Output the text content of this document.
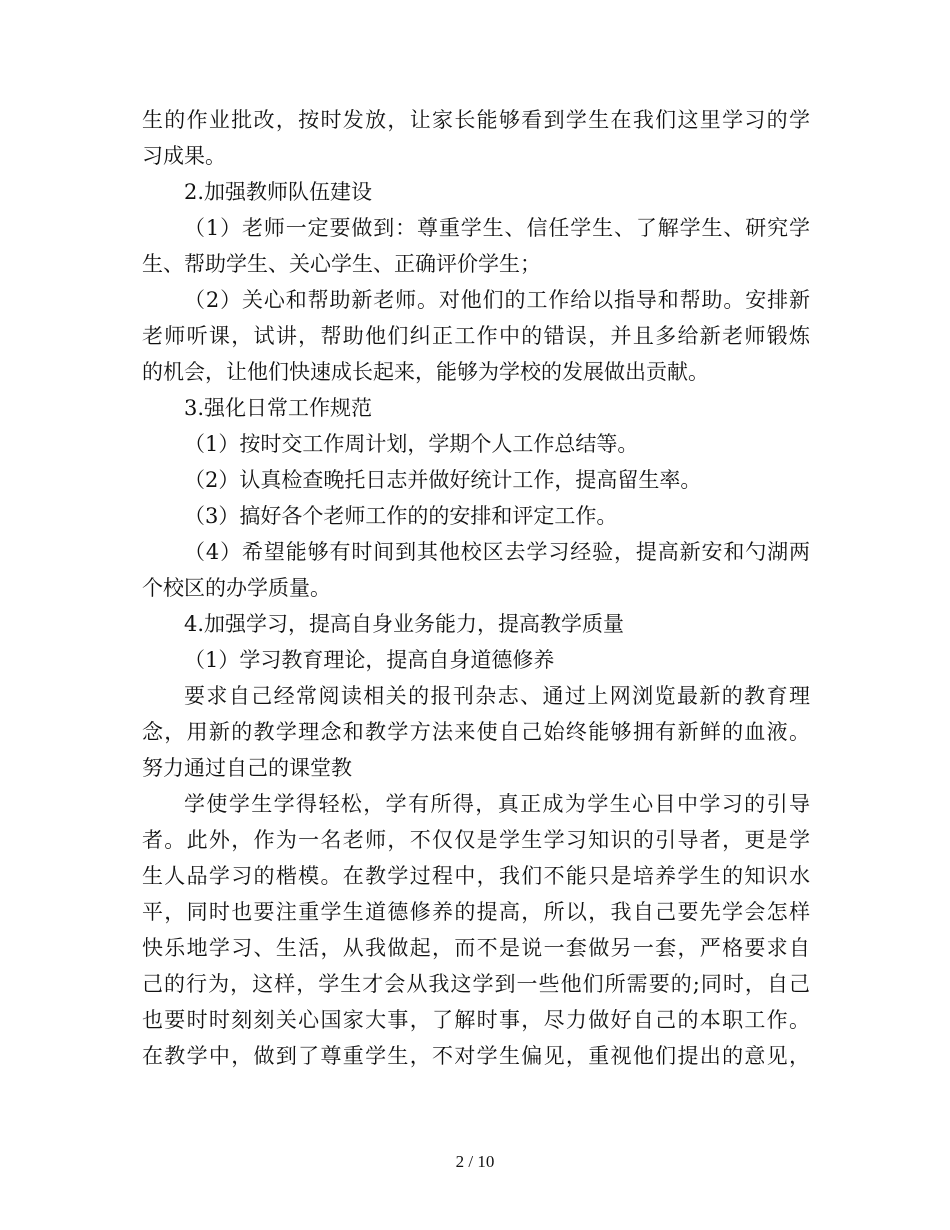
生的作业批改，按时发放，让家长能够看到学生在我们这里学习的学
习成果。
2.加强教师队伍建设
（1）老师一定要做到：尊重学生、信任学生、了解学生、研究学
生、帮助学生、关心学生、正确评价学生；
（2）关心和帮助新老师。对他们的工作给以指导和帮助。安排新
老师听课，试讲，帮助他们纠正工作中的错误，并且多给新老师锻炼
的机会，让他们快速成长起来，能够为学校的发展做出贡献。
3.强化日常工作规范
（1）按时交工作周计划，学期个人工作总结等。
（2）认真检查晚托日志并做好统计工作，提高留生率。
（3）搞好各个老师工作的的安排和评定工作。
（4）希望能够有时间到其他校区去学习经验，提高新安和勺湖两
个校区的办学质量。
4.加强学习，提高自身业务能力，提高教学质量
（1）学习教育理论，提高自身道德修养
要求自己经常阅读相关的报刊杂志、通过上网浏览最新的教育理
念，用新的教学理念和教学方法来使自己始终能够拥有新鲜的血液。
努力通过自己的课堂教
学使学生学得轻松，学有所得，真正成为学生心目中学习的引导
者。此外，作为一名老师，不仅仅是学生学习知识的引导者，更是学
生人品学习的楷模。在教学过程中，我们不能只是培养学生的知识水
平，同时也要注重学生道德修养的提高，所以，我自己要先学会怎样
快乐地学习、生活，从我做起，而不是说一套做另一套，严格要求自
己的行为，这样，学生才会从我这学到一些他们所需要的;同时，自己
也要时时刻刻关心国家大事，了解时事，尽力做好自己的本职工作。
在教学中，做到了尊重学生，不对学生偏见，重视他们提出的意见，
2 / 10
